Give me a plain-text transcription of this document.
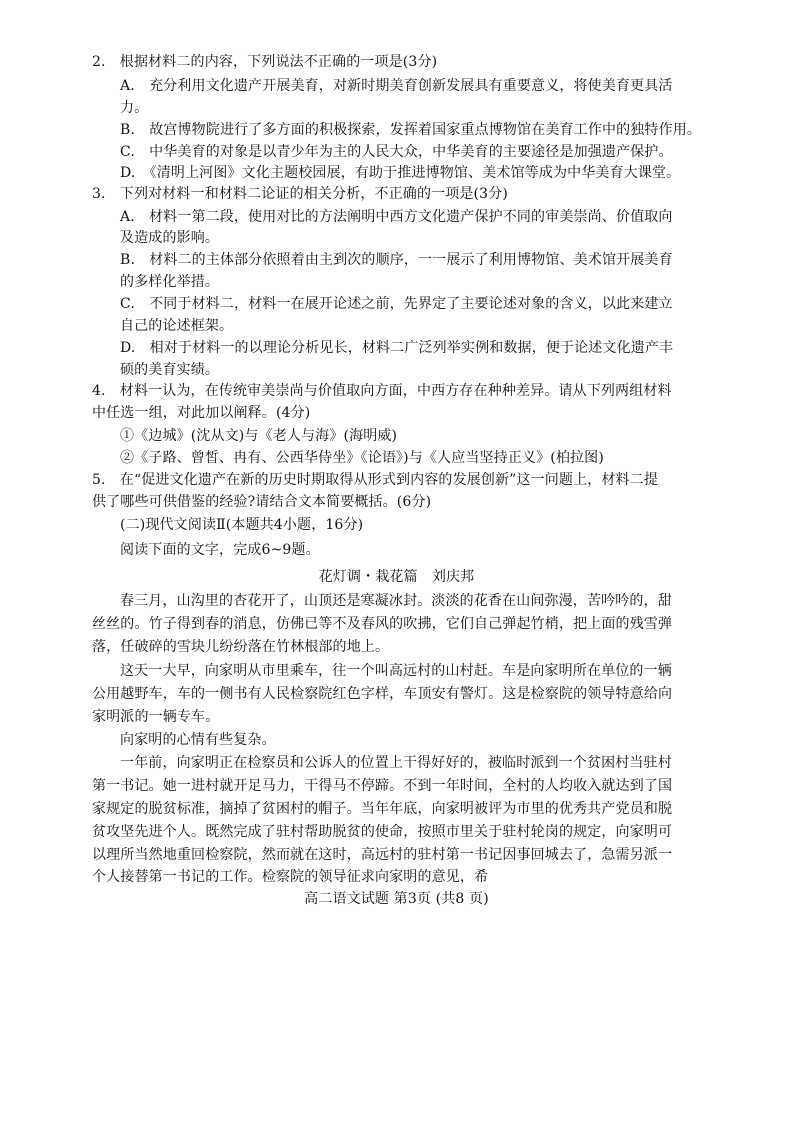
2.　根据材料二的内容，下列说法不正确的一项是(3分)
A.　充分利用文化遗产开展美育，对新时期美育创新发展具有重要意义，将使美育更具活
力。
B.　故宫博物院进行了多方面的积极探索，发挥着国家重点博物馆在美育工作中的独特作用。
C.　中华美育的对象是以青少年为主的人民大众，中华美育的主要途径是加强遗产保护。
D.　《清明上河图》文化主题校园展，有助于推进博物馆、美术馆等成为中华美育大课堂。
3.　下列对材料一和材料二论证的相关分析，不正确的一项是(3分)
A.　材料一第二段，使用对比的方法阐明中西方文化遗产保护不同的审美崇尚、价值取向
及造成的影响。
B.　材料二的主体部分依照着由主到次的顺序，一一展示了利用博物馆、美术馆开展美育
的多样化举措。
C.　不同于材料二，材料一在展开论述之前，先界定了主要论述对象的含义，以此来建立
自己的论述框架。
D.　相对于材料一的以理论分析见长，材料二广泛列举实例和数据，便于论述文化遗产丰
硕的美育实绩。
4.　材料一认为，在传统审美崇尚与价值取向方面，中西方存在种种差异。请从下列两组材料
中任选一组，对此加以阐释。(4分)
①《边城》(沈从文)与《老人与海》(海明威)
②《子路、曾皙、冉有、公西华侍坐》《论语》)与《人应当坚持正义》(柏拉图)
5.　在“促进文化遗产在新的历史时期取得从形式到内容的发展创新”这一问题上，材料二提
供了哪些可供借鉴的经验?请结合文本简要概括。(6分)
(二)现代文阅读Ⅱ(本题共4小题，16分)
阅读下面的文字，完成6~9题。
花灯调・栽花篇　刘庆邦
春三月，山沟里的杏花开了，山顶还是寒凝冰封。淡淡的花香在山间弥漫，苦吟吟的，甜
丝丝的。竹子得到春的消息，仿佛已等不及春风的吹拂，它们自己弹起竹梢，把上面的残雪弹
落，任破碎的雪块儿纷纷落在竹林根部的地上。
这天一大早，向家明从市里乘车，往一个叫高远村的山村赶。车是向家明所在单位的一辆
公用越野车，车的一侧书有人民检察院红色字样，车顶安有警灯。这是检察院的领导特意给向
家明派的一辆专车。
向家明的心情有些复杂。
一年前，向家明正在检察员和公诉人的位置上干得好好的，被临时派到一个贫困村当驻村
第一书记。她一进村就开足马力，干得马不停蹄。不到一年时间，全村的人均收入就达到了国
家规定的脱贫标准，摘掉了贫困村的帽子。当年年底，向家明被评为市里的优秀共产党员和脱
贫攻坚先进个人。既然完成了驻村帮助脱贫的使命，按照市里关于驻村轮岗的规定，向家明可
以理所当然地重回检察院，然而就在这时，高远村的驻村第一书记因事回城去了，急需另派一
个人接替第一书记的工作。检察院的领导征求向家明的意见，希
高二语文试题 第3页 (共8 页)
